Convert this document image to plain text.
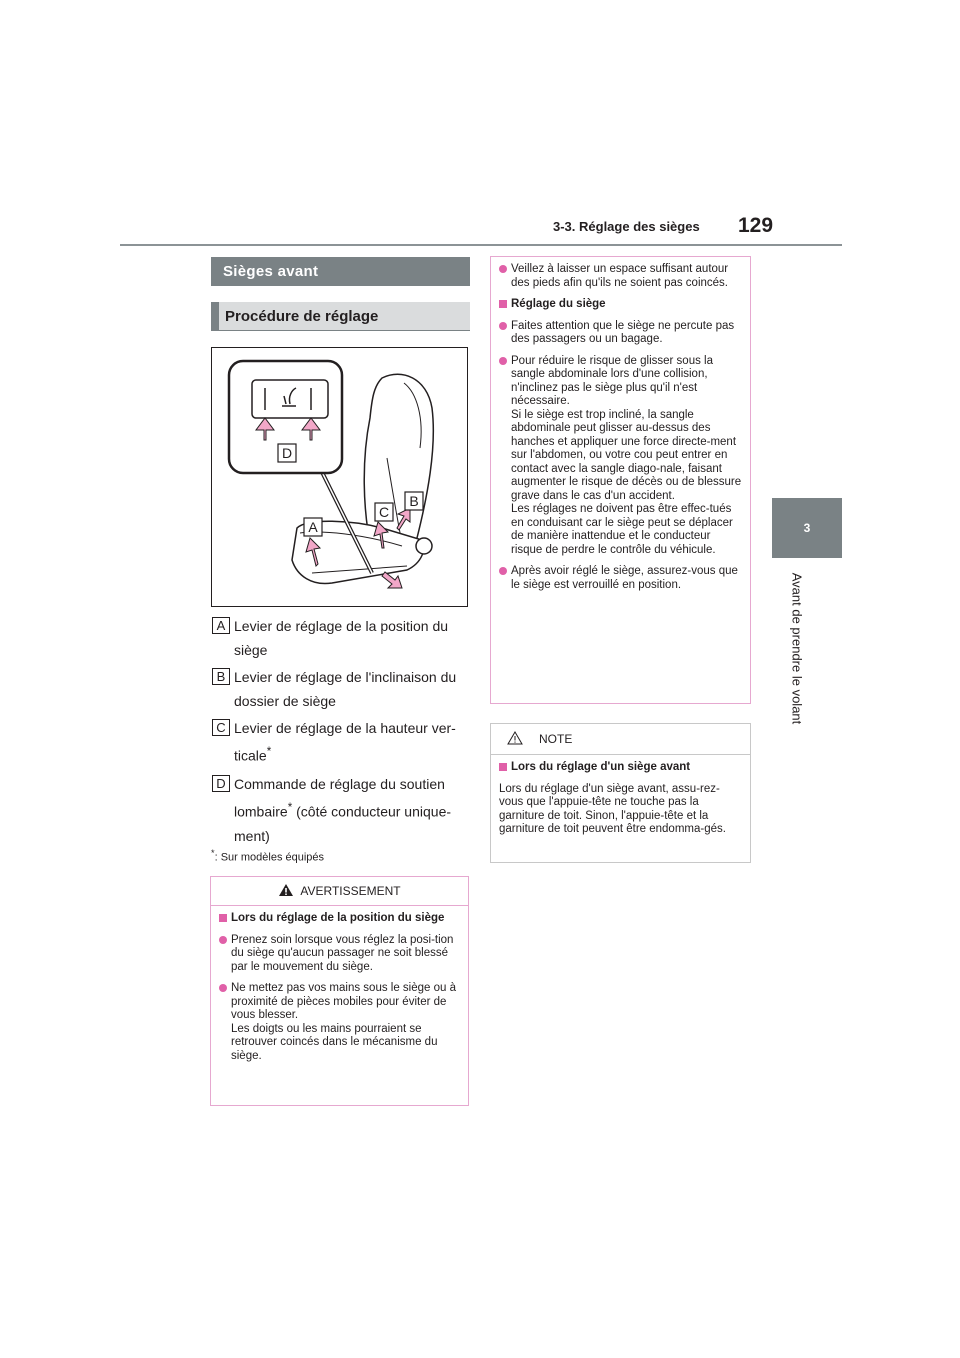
3-3. Réglage des sièges 129
3
Avant de prendre le volant
Sièges avant
Procédure de réglage
D
A
C
B
A Levier de réglage de la position du siège
B Levier de réglage de l'inclinaison du dossier de siège
C Levier de réglage de la hauteur ver-ticale*
D Commande de réglage du soutien lombaire* (côté conducteur unique-ment)
*: Sur modèles équipés
AVERTISSEMENT
Lors du réglage de la position du siège
Prenez soin lorsque vous réglez la posi-tion du siège qu'aucun passager ne soit blessé par le mouvement du siège.
Ne mettez pas vos mains sous le siège ou à proximité de pièces mobiles pour éviter de vous blesser.
Les doigts ou les mains pourraient se retrouver coincés dans le mécanisme du siège.
Veillez à laisser un espace suffisant autour des pieds afin qu'ils ne soient pas coincés.
Réglage du siège
Faites attention que le siège ne percute pas des passagers ou un bagage.
Pour réduire le risque de glisser sous la sangle abdominale lors d'une collision, n'inclinez pas le siège plus qu'il n'est nécessaire.
Si le siège est trop incliné, la sangle abdominale peut glisser au-dessus des hanches et appliquer une force directe-ment sur l'abdomen, ou votre cou peut entrer en contact avec la sangle diago-nale, faisant augmenter le risque de décès ou de blessure grave dans le cas d'un accident.
Les réglages ne doivent pas être effec-tués en conduisant car le siège peut se déplacer de manière inattendue et le conducteur risque de perdre le contrôle du véhicule.
Après avoir réglé le siège, assurez-vous que le siège est verrouillé en position.
NOTE
Lors du réglage d'un siège avant
Lors du réglage d'un siège avant, assu-rez-vous que l'appuie-tête ne touche pas la garniture de toit. Sinon, l'appuie-tête et la garniture de toit peuvent être endomma-gés.
